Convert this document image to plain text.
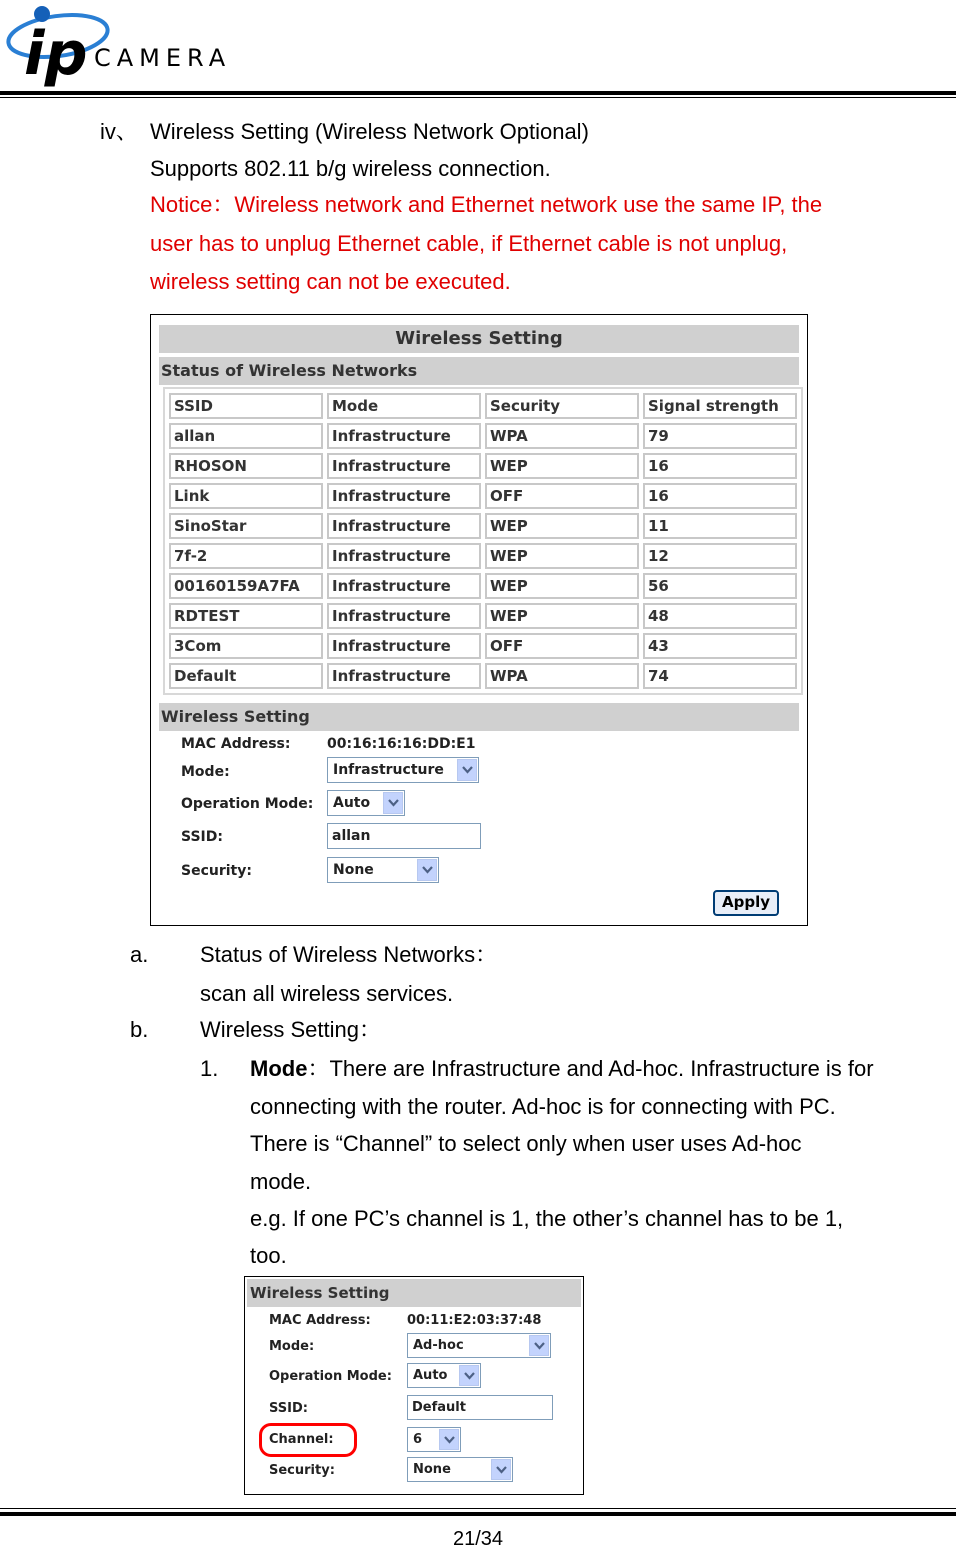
ip CAMERA
iv、 Wireless Setting (Wireless Network Optional)
Supports 802.11 b/g wireless connection.
Notice：Wireless network and Ethernet network use the same IP, the
user has to unplug Ethernet cable, if Ethernet cable is not unplug,
wireless setting can not be executed.
Wireless Setting
Status of Wireless Networks
SSID	Mode	Security	Signal strength
allan	Infrastructure	WPA	79
RHOSON	Infrastructure	WEP	16
Link	Infrastructure	OFF	16
SinoStar	Infrastructure	WEP	11
7f-2	Infrastructure	WEP	12
00160159A7FA	Infrastructure	WEP	56
RDTEST	Infrastructure	WEP	48
3Com	Infrastructure	OFF	43
Default	Infrastructure	WPA	74
Wireless Setting
MAC Address:	00:16:16:16:DD:E1
Mode:	Infrastructure
Operation Mode: Auto
SSID:	allan
Security:	None
Apply
a. Status of Wireless Networks：
scan all wireless services.
b. Wireless Setting：
1. Mode：There are Infrastructure and Ad-hoc. Infrastructure is for
connecting with the router. Ad-hoc is for connecting with PC.
There is “Channel” to select only when user uses Ad-hoc
mode.
e.g. If one PC’s channel is 1, the other’s channel has to be 1,
too.
Wireless Setting
MAC Address:	00:11:E2:03:37:48
Mode:	Ad-hoc
Operation Mode: Auto
SSID:	Default
Channel:	6
Security:	None
21/34
